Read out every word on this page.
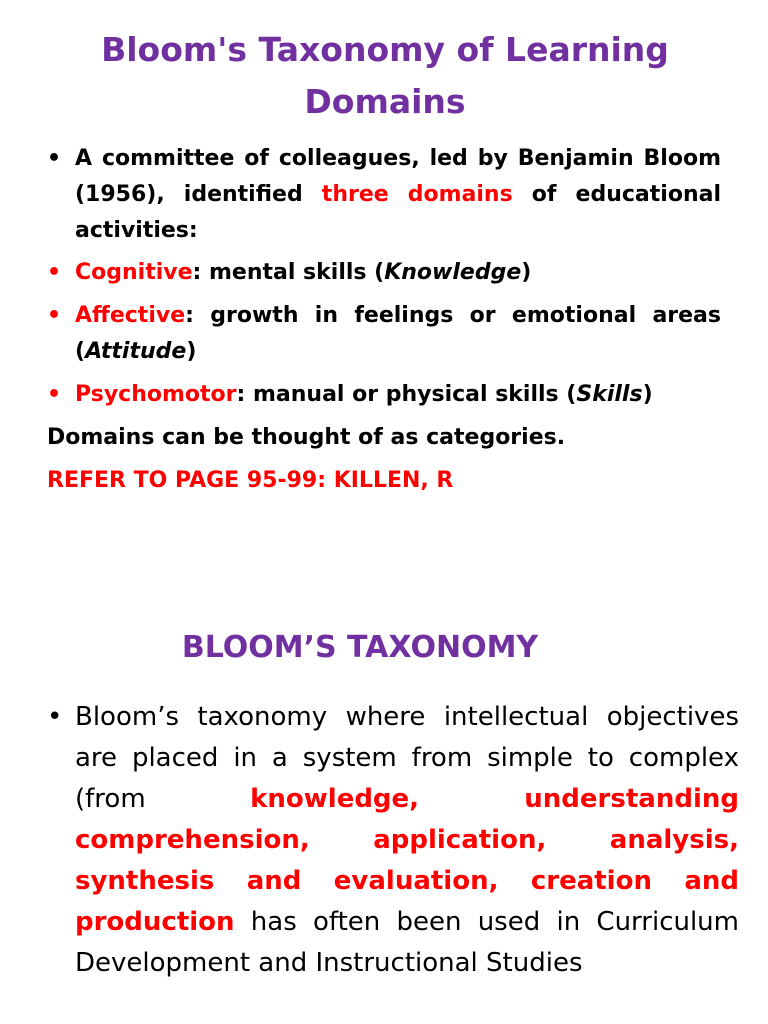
Bloom's Taxonomy of Learning Domains
• A committee of colleagues, led by Benjamin Bloom (1956), identified three domains of educational activities:
• Cognitive: mental skills (Knowledge)
• Affective: growth in feelings or emotional areas (Attitude)
• Psychomotor: manual or physical skills (Skills)
Domains can be thought of as categories.
REFER TO PAGE 95-99: KILLEN, R
BLOOM’S TAXONOMY
• Bloom’s taxonomy where intellectual objectives are placed in a system from simple to complex (from knowledge, understanding comprehension, application, analysis, synthesis and evaluation, creation and production has often been used in Curriculum Development and Instructional Studies
